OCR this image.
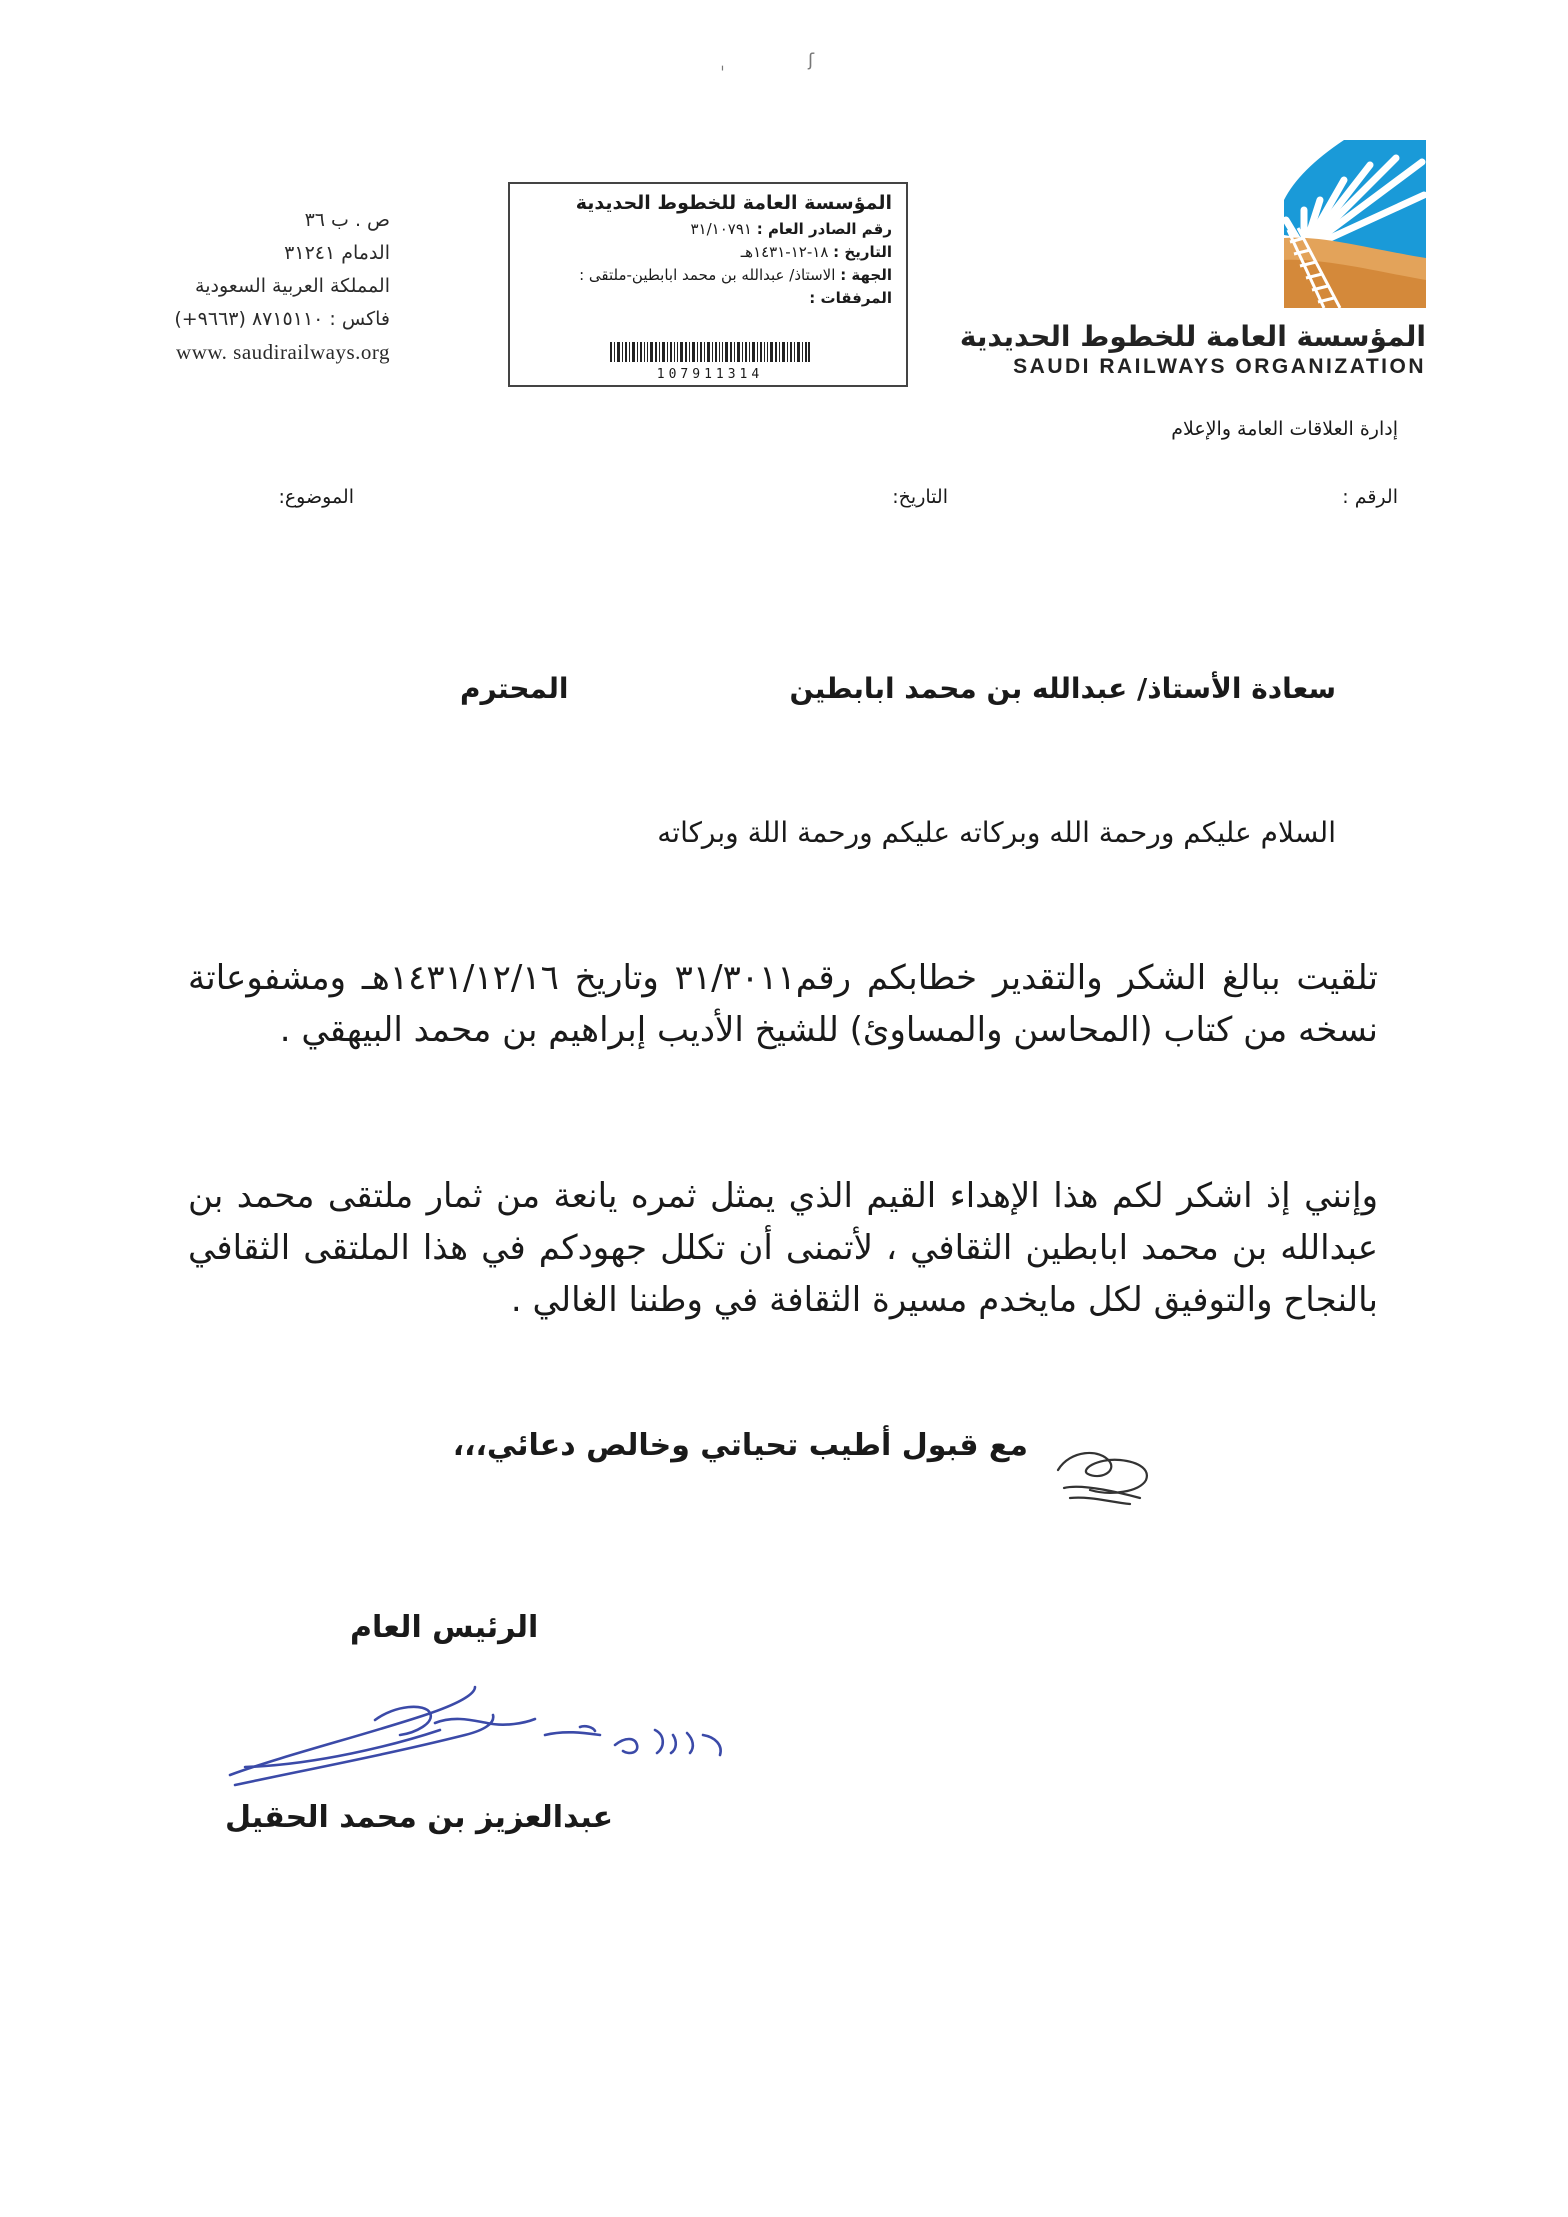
ˌ	ʃ
المؤسسة العامة للخطوط الحديدية
SAUDI RAILWAYS ORGANIZATION
المؤسسة العامة للخطوط الحديدية
رقم الصادر العام : ٣١/١٠٧٩١
التاريخ : ١٨-١٢-١٤٣١هـ
الجهة : الاستاذ/ عبدالله بن محمد ابابطين-ملتقى :
المرفقات :
107911314
ص . ب ٣٦
الدمام ٣١٢٤١
المملكة العربية السعودية
فاكس : ٨٧١٥١١٠ (٩٦٦٣+)
www. saudirailways.org
إدارة العلاقات العامة والإعلام
الرقم :
التاريخ:
الموضوع:
سعادة الأستاذ/ عبدالله بن محمد ابابطين
المحترم
السلام عليكم ورحمة الله وبركاته عليكم ورحمة اللة وبركاته
تلقيت ببالغ الشكر والتقدير خطابكم رقم٣١/٣٠١١ وتاريخ ١٤٣١/١٢/١٦هـ ومشفوعاتة نسخه من كتاب (المحاسن والمساوئ) للشيخ الأديب إبراهيم بن محمد البيهقي .
وإنني إذ اشكر لكم هذا الإهداء القيم الذي يمثل ثمره يانعة من ثمار ملتقى محمد بن عبدالله بن محمد ابابطين الثقافي ، لأتمنى أن تكلل جهودكم في هذا الملتقى الثقافي بالنجاح والتوفيق لكل مايخدم مسيرة الثقافة في وطننا الغالي .
مع قبول أطيب تحياتي وخالص دعائي،،،
الرئيس العام
عبدالعزيز بن محمد الحقيل
